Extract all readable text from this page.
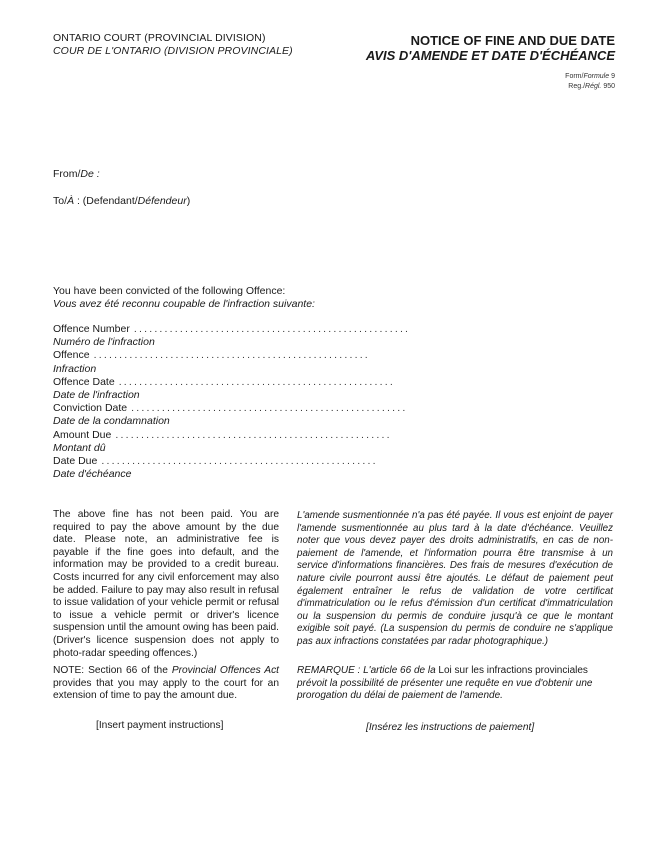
ONTARIO COURT (PROVINCIAL DIVISION)
COUR DE L'ONTARIO (DIVISION PROVINCIALE)
NOTICE OF FINE AND DUE DATE
AVIS D'AMENDE ET DATE D'ÉCHÉANCE
Form/Formule 9
Reg./Régl. 950
From/De :
To/À : (Defendant/Défendeur)
You have been convicted of the following Offence:
Vous avez été reconnu coupable de l'infraction suivante:
Offence Number ......................................................
Numéro de l'infraction
Offence ......................................................
Infraction
Offence Date ......................................................
Date de l'infraction
Conviction Date ......................................................
Date de la condamnation
Amount Due ......................................................
Montant dû
Date Due ......................................................
Date d'échéance
The above fine has not been paid. You are required to pay the above amount by the due date. Please note, an administrative fee is payable if the fine goes into default, and the information may be provided to a credit bureau. Costs incurred for any civil enforcement may also be added. Failure to pay may also result in refusal to issue validation of your vehicle permit or refusal to issue a vehicle permit or driver's licence suspension until the amount owing has been paid. (Driver's licence suspension does not apply to photo-radar speeding offences.)
L'amende susmentionnée n'a pas été payée. Il vous est enjoint de payer l'amende susmentionnée au plus tard à la date d'échéance. Veuillez noter que vous devez payer des droits administratifs, en cas de non-paiement de l'amende, et l'information pourra être transmise à un service d'informations financières. Des frais de mesures d'exécution de nature civile pourront aussi être ajoutés. Le défaut de paiement peut également entraîner le refus de validation de votre certificat d'immatriculation ou le refus d'émission d'un certificat d'immatriculation ou la suspension du permis de conduire jusqu'à ce que le montant exigible soit payé. (La suspension du permis de conduire ne s'applique pas aux infractions constatées par radar photographique.)
NOTE: Section 66 of the Provincial Offences Act provides that you may apply to the court for an extension of time to pay the amount due.
REMARQUE : L'article 66 de la Loi sur les infractions provinciales prévoit la possibilité de présenter une requête en vue d'obtenir une prorogation du délai de paiement de l'amende.
[Insert payment instructions]	[Insérez les instructions de paiement]
